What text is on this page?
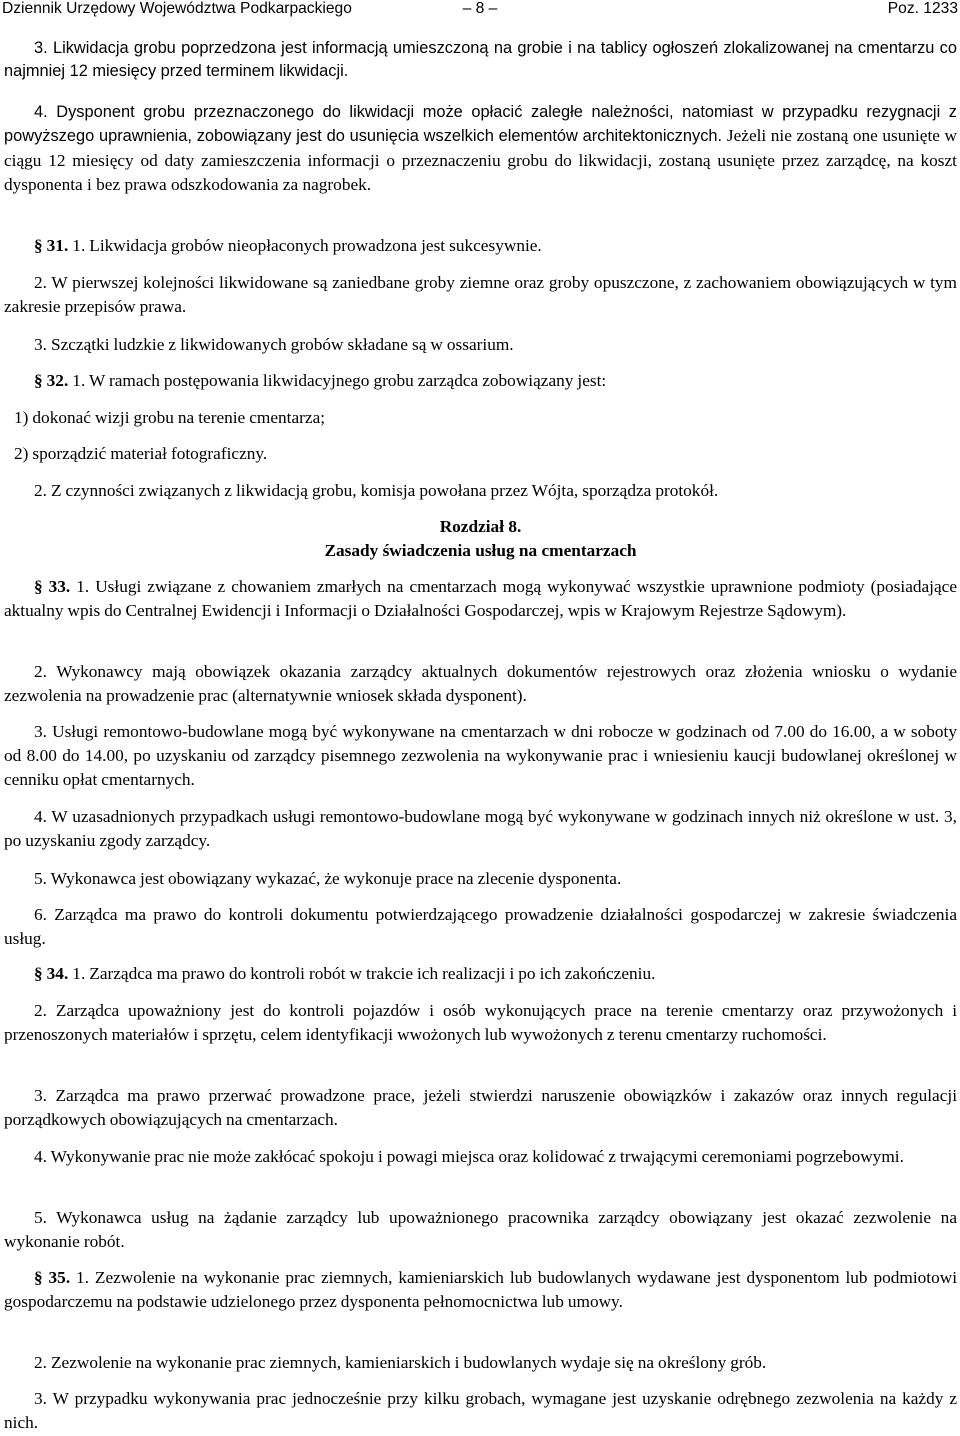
Dziennik Urzędowy Województwa Podkarpackiego	– 8 –	Poz. 1233
3. Likwidacja grobu poprzedzona jest informacją umieszczoną na grobie i na tablicy ogłoszeń zlokalizowanej na cmentarzu co najmniej 12 miesięcy przed terminem likwidacji.
4. Dysponent grobu przeznaczonego do likwidacji może opłacić zaległe należności, natomiast w przypadku rezygnacji z powyższego uprawnienia, zobowiązany jest do usunięcia wszelkich elementów architektonicznych. Jeżeli nie zostaną one usunięte w ciągu 12 miesięcy od daty zamieszczenia informacji o przeznaczeniu grobu do likwidacji, zostaną usunięte przez zarządcę, na koszt dysponenta i bez prawa odszkodowania za nagrobek.
§ 31. 1. Likwidacja grobów nieopłaconych prowadzona jest sukcesywnie.
2. W pierwszej kolejności likwidowane są zaniedbane groby ziemne oraz groby opuszczone, z zachowaniem obowiązujących w tym zakresie przepisów prawa.
3. Szczątki ludzkie z likwidowanych grobów składane są w ossarium.
§ 32. 1. W ramach postępowania likwidacyjnego grobu zarządca zobowiązany jest:
1) dokonać wizji grobu na terenie cmentarza;
2) sporządzić materiał fotograficzny.
2. Z czynności związanych z likwidacją grobu, komisja powołana przez Wójta, sporządza protokół.
Rozdział 8.
Zasady świadczenia usług na cmentarzach
§ 33. 1. Usługi związane z chowaniem zmarłych na cmentarzach mogą wykonywać wszystkie uprawnione podmioty (posiadające aktualny wpis do Centralnej Ewidencji i Informacji o Działalności Gospodarczej, wpis w Krajowym Rejestrze Sądowym).
2. Wykonawcy mają obowiązek okazania zarządcy aktualnych dokumentów rejestrowych oraz złożenia wniosku o wydanie zezwolenia na prowadzenie prac (alternatywnie wniosek składa dysponent).
3. Usługi remontowo-budowlane mogą być wykonywane na cmentarzach w dni robocze w godzinach od 7.00 do 16.00, a w soboty od 8.00 do 14.00, po uzyskaniu od zarządcy pisemnego zezwolenia na wykonywanie prac i wniesieniu kaucji budowlanej określonej w cenniku opłat cmentarnych.
4. W uzasadnionych przypadkach usługi remontowo-budowlane mogą być wykonywane w godzinach innych niż określone w ust. 3, po uzyskaniu zgody zarządcy.
5. Wykonawca jest obowiązany wykazać, że wykonuje prace na zlecenie dysponenta.
6. Zarządca ma prawo do kontroli dokumentu potwierdzającego prowadzenie działalności gospodarczej w zakresie świadczenia usług.
§ 34. 1. Zarządca ma prawo do kontroli robót w trakcie ich realizacji i po ich zakończeniu.
2. Zarządca upoważniony jest do kontroli pojazdów i osób wykonujących prace na terenie cmentarzy oraz przywożonych i przenoszonych materiałów i sprzętu, celem identyfikacji wwożonych lub wywożonych z terenu cmentarzy ruchomości.
3. Zarządca ma prawo przerwać prowadzone prace, jeżeli stwierdzi naruszenie obowiązków i zakazów oraz innych regulacji porządkowych obowiązujących na cmentarzach.
4. Wykonywanie prac nie może zakłócać spokoju i powagi miejsca oraz kolidować z trwającymi ceremoniami pogrzebowymi.
5. Wykonawca usług na żądanie zarządcy lub upoważnionego pracownika zarządcy obowiązany jest okazać zezwolenie na wykonanie robót.
§ 35. 1. Zezwolenie na wykonanie prac ziemnych, kamieniarskich lub budowlanych wydawane jest dysponentom lub podmiotowi gospodarczemu na podstawie udzielonego przez dysponenta pełnomocnictwa lub umowy.
2. Zezwolenie na wykonanie prac ziemnych, kamieniarskich i budowlanych wydaje się na określony grób.
3. W przypadku wykonywania prac jednocześnie przy kilku grobach, wymagane jest uzyskanie odrębnego zezwolenia na każdy z nich.
